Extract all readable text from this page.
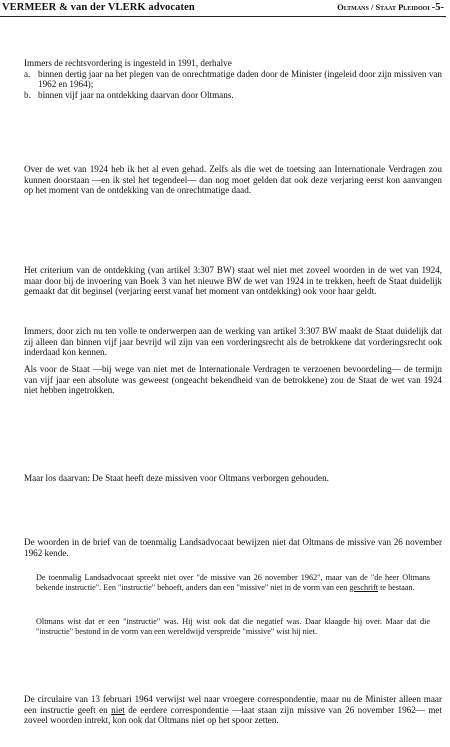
VERMEER & van der VLERK advocaten	Oltmans / Staat Pleidooi -5-

Immers de rechtsvordering is ingesteld in 1991, derhalve

a. binnen dertig jaar na het plegen van de onrechtmatige daden door de Minister (ingeleid door zijn missiven van 1962 en 1964);
b. binnen vijf jaar na ontdekking daarvan door Oltmans.

Over de wet van 1924 heb ik het al even gehad. Zelfs als die wet de toetsing aan Internationale Verdragen zou kunnen doorstaan —en ik stel het tegendeel— dan nog moet gelden dat ook deze verjaring eerst kon aanvangen op het moment van de ontdekking van de onrechtmatige daad.

Het criterium van de ontdekking (van artikel 3:307 BW) staat wel niet met zoveel woorden in de wet van 1924, maar door bij de invoering van Boek 3 van het nieuwe BW de wet van 1924 in te trekken, heeft de Staat duidelijk gemaakt dat dit beginsel (verjaring eerst vanaf het moment van ontdekking) ook voor haar geldt.

Immers, door zich nu ten volle te onderwerpen aan de werking van artikel 3:307 BW maakt de Staat duidelijk dat zij alleen dan binnen vijf jaar bevrijd wil zijn van een vorderingsrecht als de betrokkene dat vorderingsrecht ook inderdaad kon kennen.

Als voor de Staat —bij wege van niet met de Internationale Verdragen te verzoenen bevoordeling— de termijn van vijf jaar een absolute was geweest (ongeacht bekendheid van de betrokkene) zou de Staat de wet van 1924 niet hebben ingetrokken.

Maar los daarvan: De Staat heeft deze missiven voor Oltmans verborgen gehouden.

De woorden in de brief van de toenmalig Landsadvocaat bewijzen niet dat Oltmans de missive van 26 november 1962 kende.

De toenmalig Landsadvocaat spreekt niet over "de missive van 26 november 1962", maar van de "de heer Oltmans bekende instructie". Een "instructie" behoeft, anders dan een "missive" niet in de vorm van een geschrift te bestaan.

Oltmans wist dat er een "instructie" was. Hij wist ook dat die negatief was. Daar klaagde hij over. Maar dat die "instructie" bestond in de vorm van een wereldwijd verspreide "missive" wist hij niet.

De circulaire van 13 februari 1964 verwijst wel naar vroegere correspondentie, maar nu de Minister alleen maar een instructie geeft en niet de eerdere correspondentie —laat staan zijn missive van 26 november 1962— met zoveel woorden intrekt, kon ook dat Oltmans niet op het spoor zetten.
